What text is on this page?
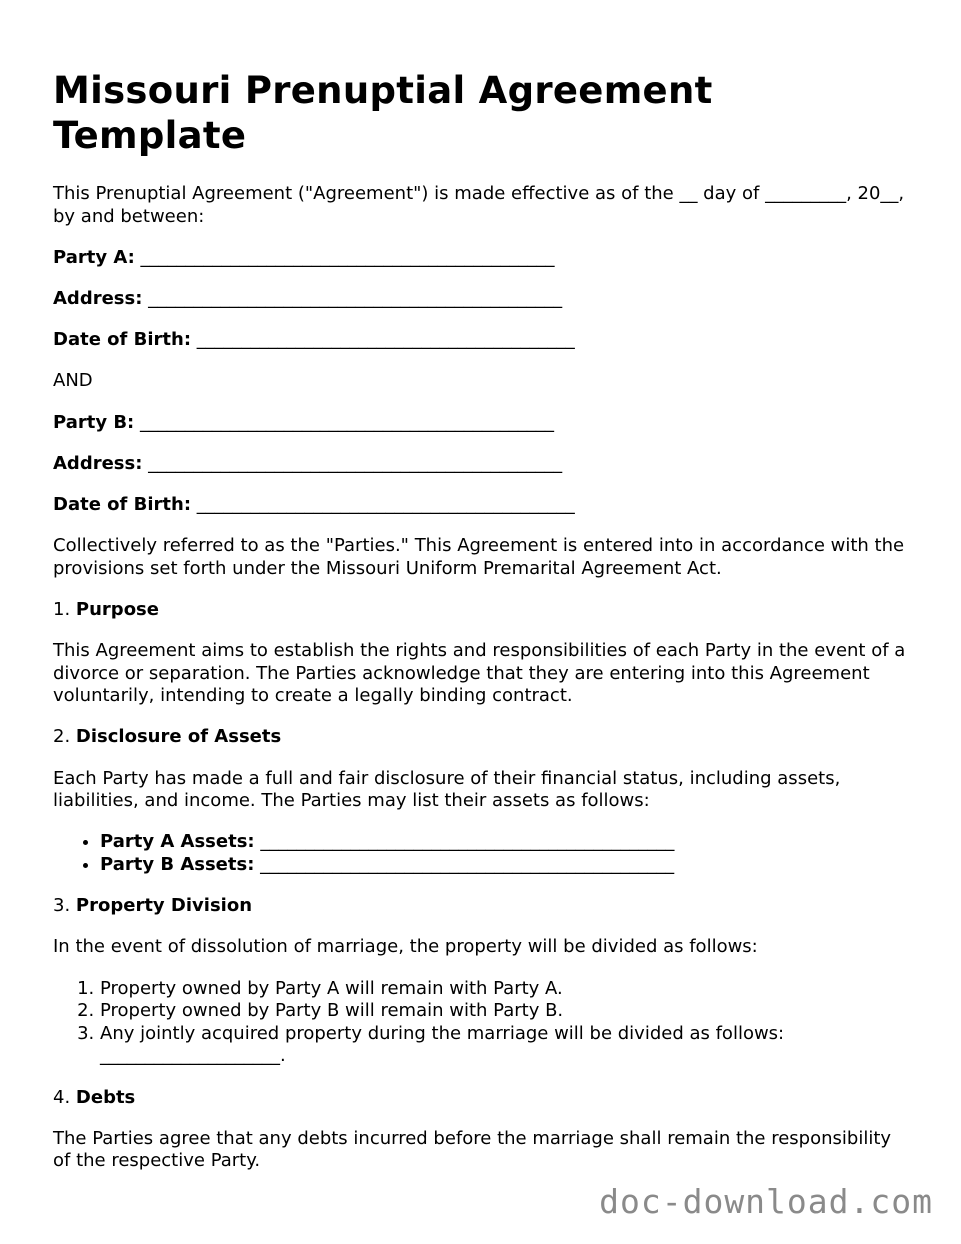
Missouri Prenuptial Agreement Template

This Prenuptial Agreement ("Agreement") is made effective as of the __ day of _________, 20__, by and between:

Party A: ______________________________________________
Address: ______________________________________________
Date of Birth: __________________________________________

AND

Party B: ______________________________________________
Address: ______________________________________________
Date of Birth: __________________________________________

Collectively referred to as the "Parties." This Agreement is entered into in accordance with the provisions set forth under the Missouri Uniform Premarital Agreement Act.

1. Purpose

This Agreement aims to establish the rights and responsibilities of each Party in the event of a divorce or separation. The Parties acknowledge that they are entering into this Agreement voluntarily, intending to create a legally binding contract.

2. Disclosure of Assets

Each Party has made a full and fair disclosure of their financial status, including assets, liabilities, and income. The Parties may list their assets as follows:

• Party A Assets: ______________________________________________
• Party B Assets: ______________________________________________
3. Property Division

In the event of dissolution of marriage, the property will be divided as follows:

1. Property owned by Party A will remain with Party A.
2. Property owned by Party B will remain with Party B.
3. Any jointly acquired property during the marriage will be divided as follows: ____________________.
4. Debts

The Parties agree that any debts incurred before the marriage shall remain the responsibility of the respective Party.

doc-download.com
